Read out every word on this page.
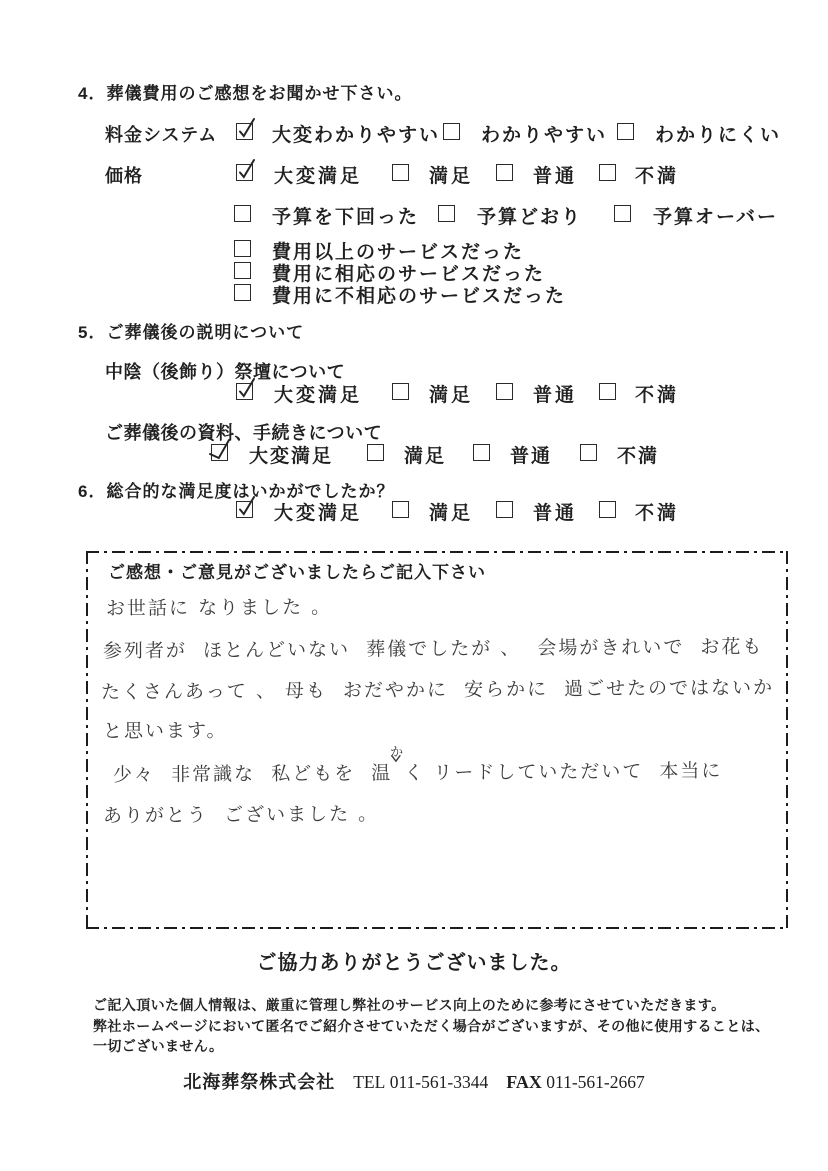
4．葬儀費用のご感想をお聞かせ下さい。
料金システム	大変わかりやすい わかりやすい	わかりにくい
価格	大変満足	満足	普通	不満
予算を下回った	予算どおり	予算オーバー
費用以上のサービスだった
費用に相応のサービスだった
費用に不相応のサービスだった
5．ご葬儀後の説明について
中陰（後飾り）祭壇について
大変満足	満足	普通	不満
ご葬儀後の資料、手続きについて
大変満足	満足	普通	不満
6．総合的な満足度はいかがでしたか？
大変満足	満足	普通	不満
ご感想・ご意見がございましたらご記入下さい
お世話に なりました 。
参列者が  ほとんどいない  葬儀でしたが 、  会場がきれいで  お花も
たくさんあって 、 母も  おだやかに  安らかに  過ごせたのではないか
と思います。
少々  非常識な  私どもを  温
か
く リードしていただいて  本当に
ありがとう  ございました 。
ご協力ありがとうございました。
ご記入頂いた個人情報は、厳重に管理し弊社のサービス向上のために参考にさせていただきます。
弊社ホームページにおいて匿名でご紹介させていただく場合がございますが、その他に使用することは、
一切ございません。
北海葬祭株式会社 TEL 011-561-3344 FAX 011-561-2667
